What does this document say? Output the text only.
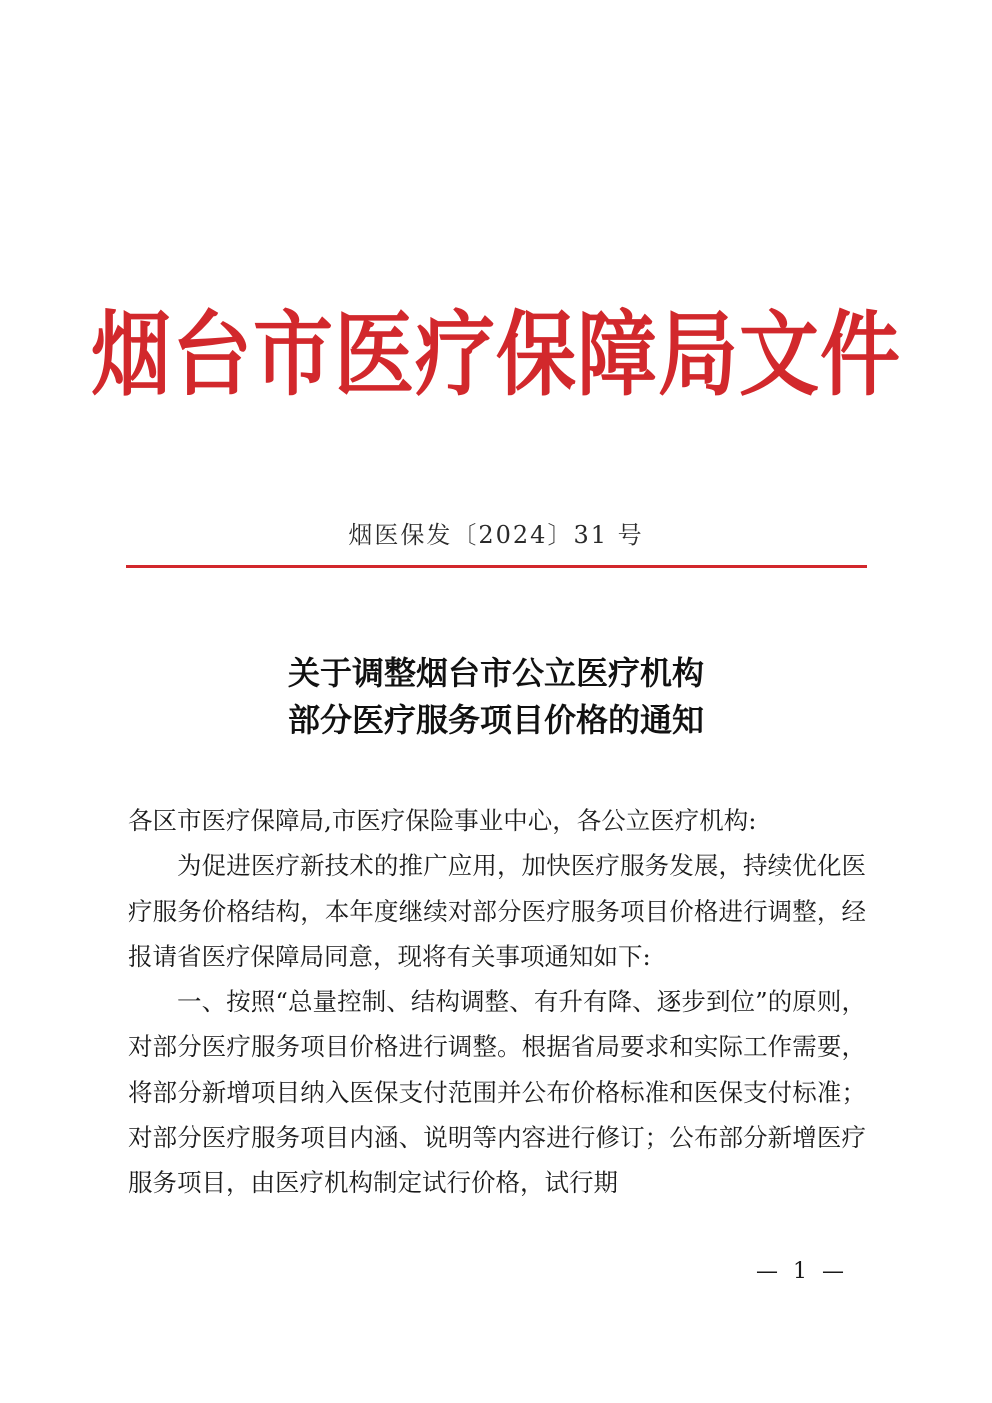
烟台市医疗保障局文件
烟医保发〔2024〕31 号
关于调整烟台市公立医疗机构
部分医疗服务项目价格的通知

各区市医疗保障局,市医疗保险事业中心，各公立医疗机构:

为促进医疗新技术的推广应用，加快医疗服务发展，持续优化医疗服务价格结构，本年度继续对部分医疗服务项目价格进行调整，经报请省医疗保障局同意，现将有关事项通知如下:

一、按照“总量控制、结构调整、有升有降、逐步到位”的原则，对部分医疗服务项目价格进行调整。根据省局要求和实际工作需要，将部分新增项目纳入医保支付范围并公布价格标准和医保支付标准；对部分医疗服务项目内涵、说明等内容进行修订；公布部分新增医疗服务项目，由医疗机构制定试行价格，试行期

— 1 —
